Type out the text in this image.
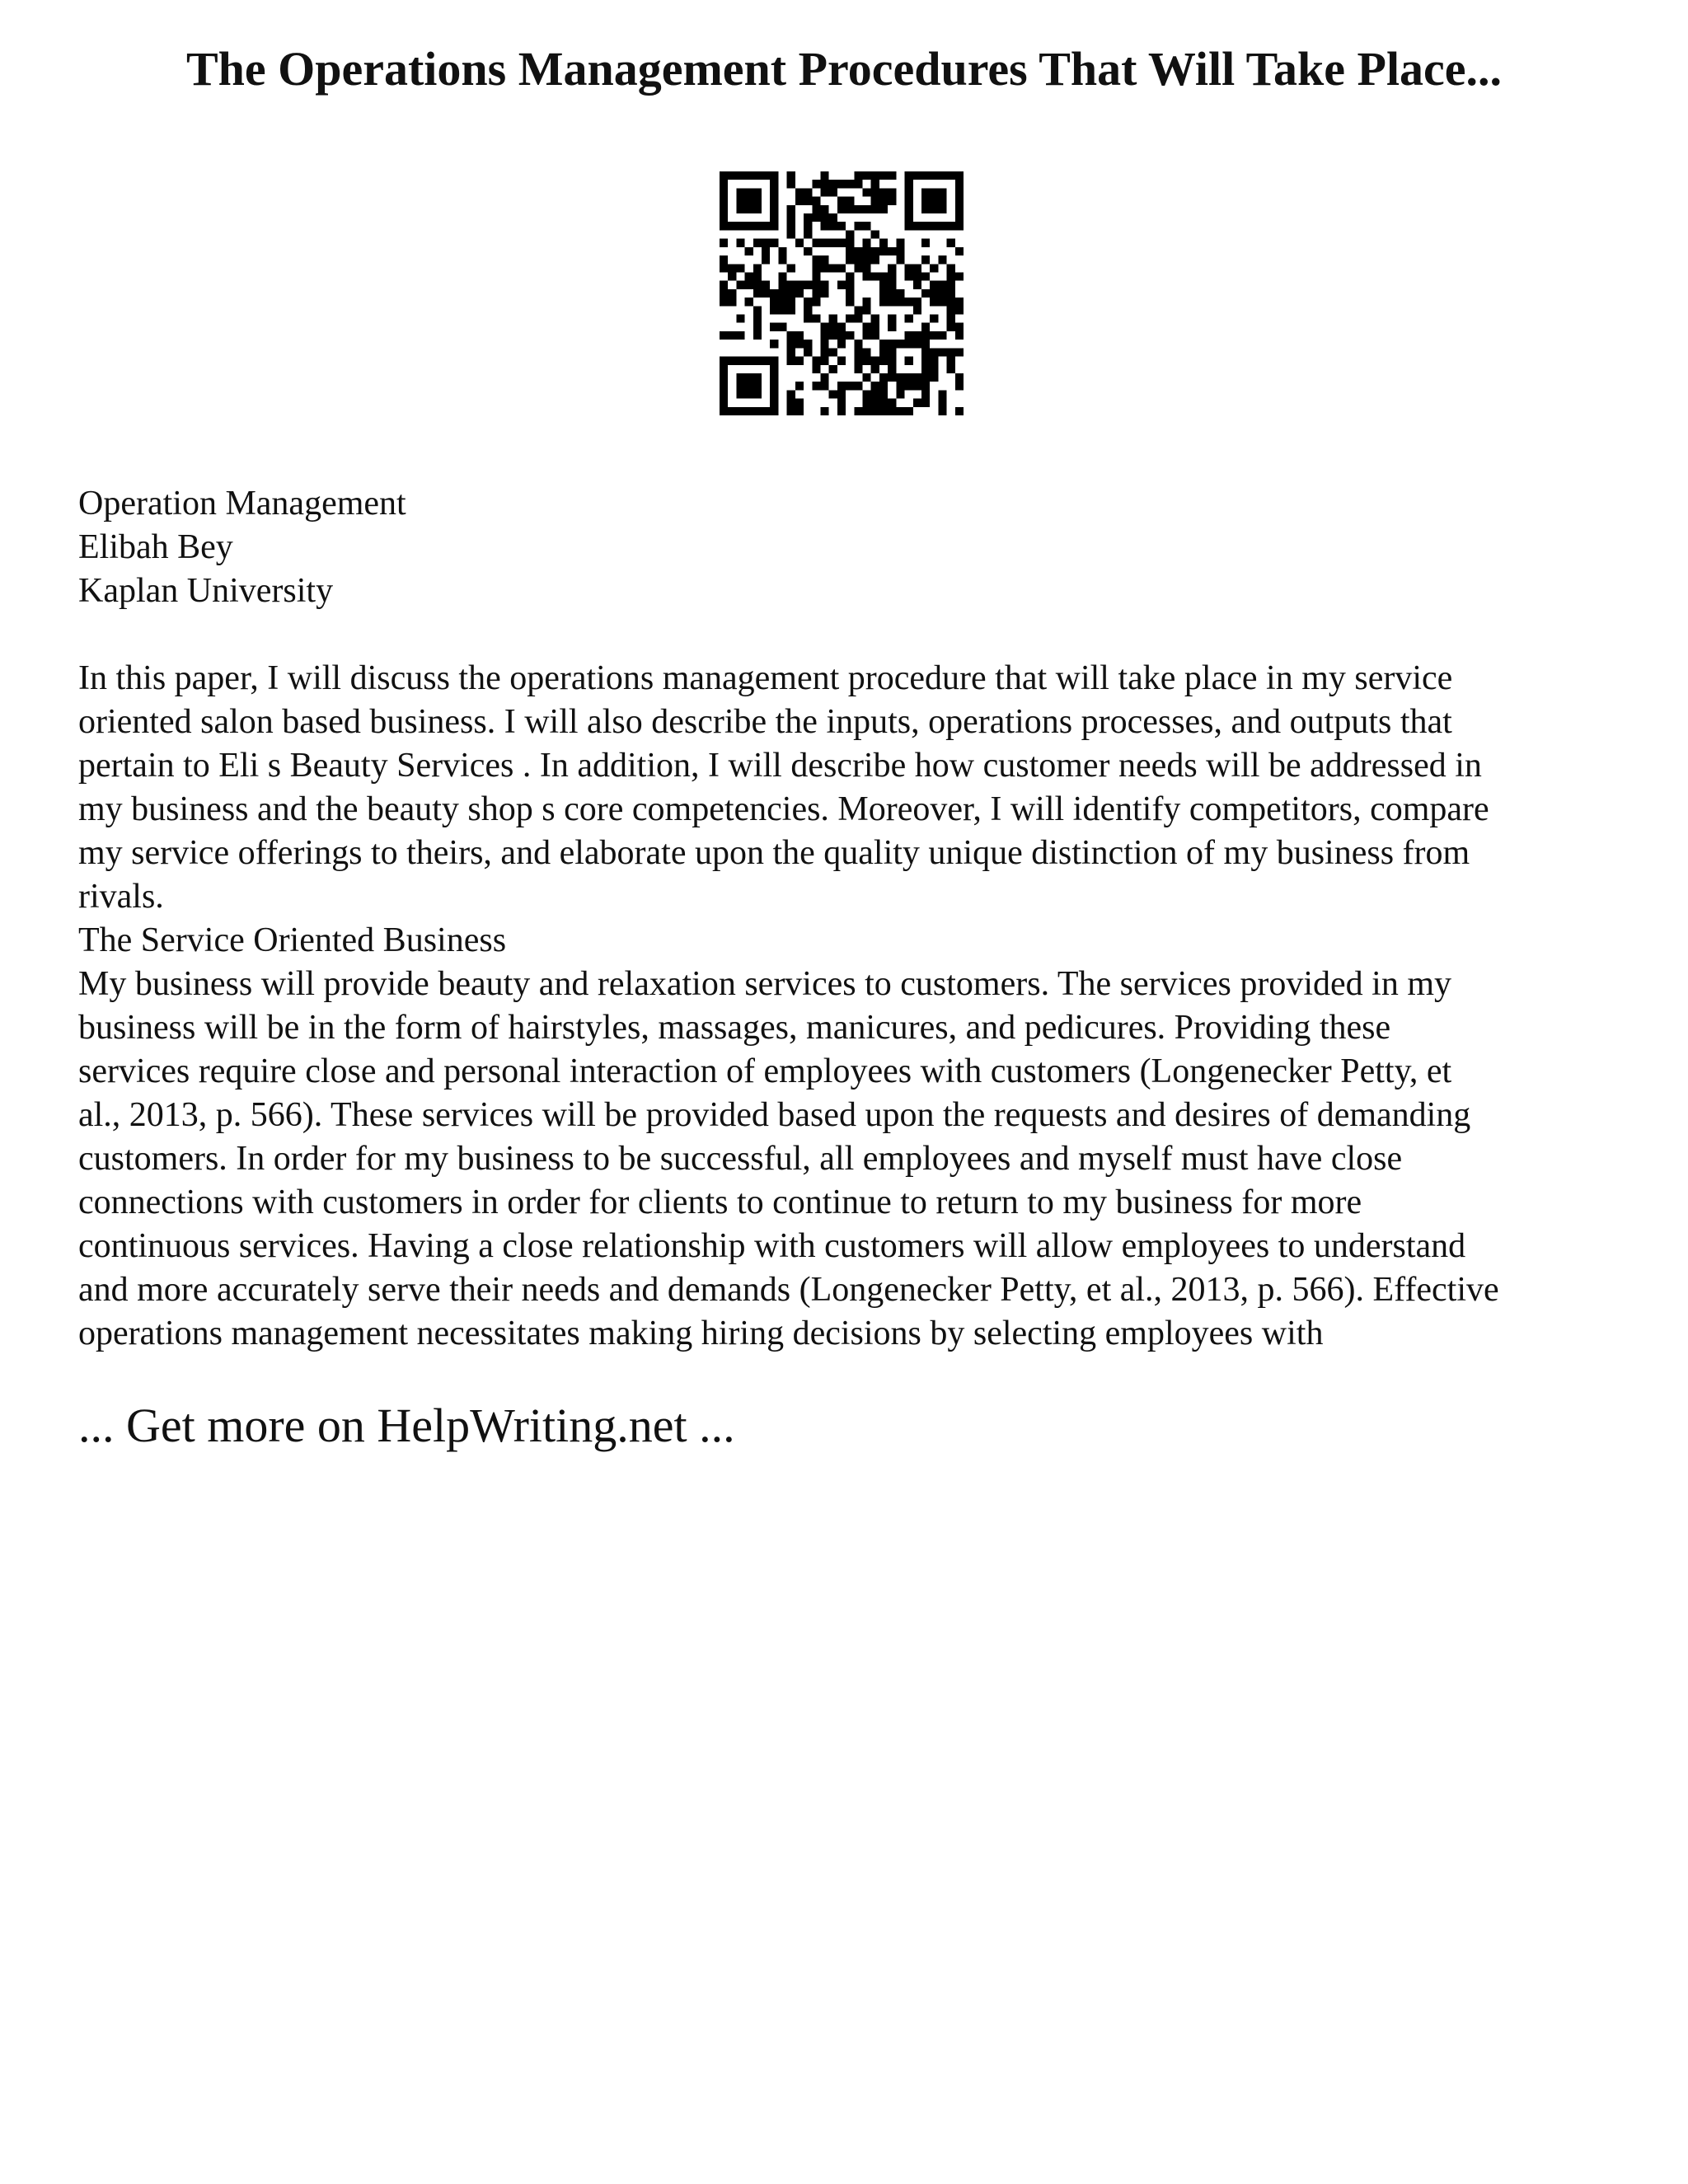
The Operations Management Procedures That Will Take Place...
Operation Management
Elibah Bey
Kaplan University
In this paper, I will discuss the operations management procedure that will take place in my service
oriented salon based business. I will also describe the inputs, operations processes, and outputs that
pertain to Eli s Beauty Services . In addition, I will describe how customer needs will be addressed in
my business and the beauty shop s core competencies. Moreover, I will identify competitors, compare
my service offerings to theirs, and elaborate upon the quality unique distinction of my business from
rivals.
The Service Oriented Business
My business will provide beauty and relaxation services to customers. The services provided in my
business will be in the form of hairstyles, massages, manicures, and pedicures. Providing these
services require close and personal interaction of employees with customers (Longenecker Petty, et
al., 2013, p. 566). These services will be provided based upon the requests and desires of demanding
customers. In order for my business to be successful, all employees and myself must have close
connections with customers in order for clients to continue to return to my business for more
continuous services. Having a close relationship with customers will allow employees to understand
and more accurately serve their needs and demands (Longenecker Petty, et al., 2013, p. 566). Effective
operations management necessitates making hiring decisions by selecting employees with

... Get more on HelpWriting.net ...
